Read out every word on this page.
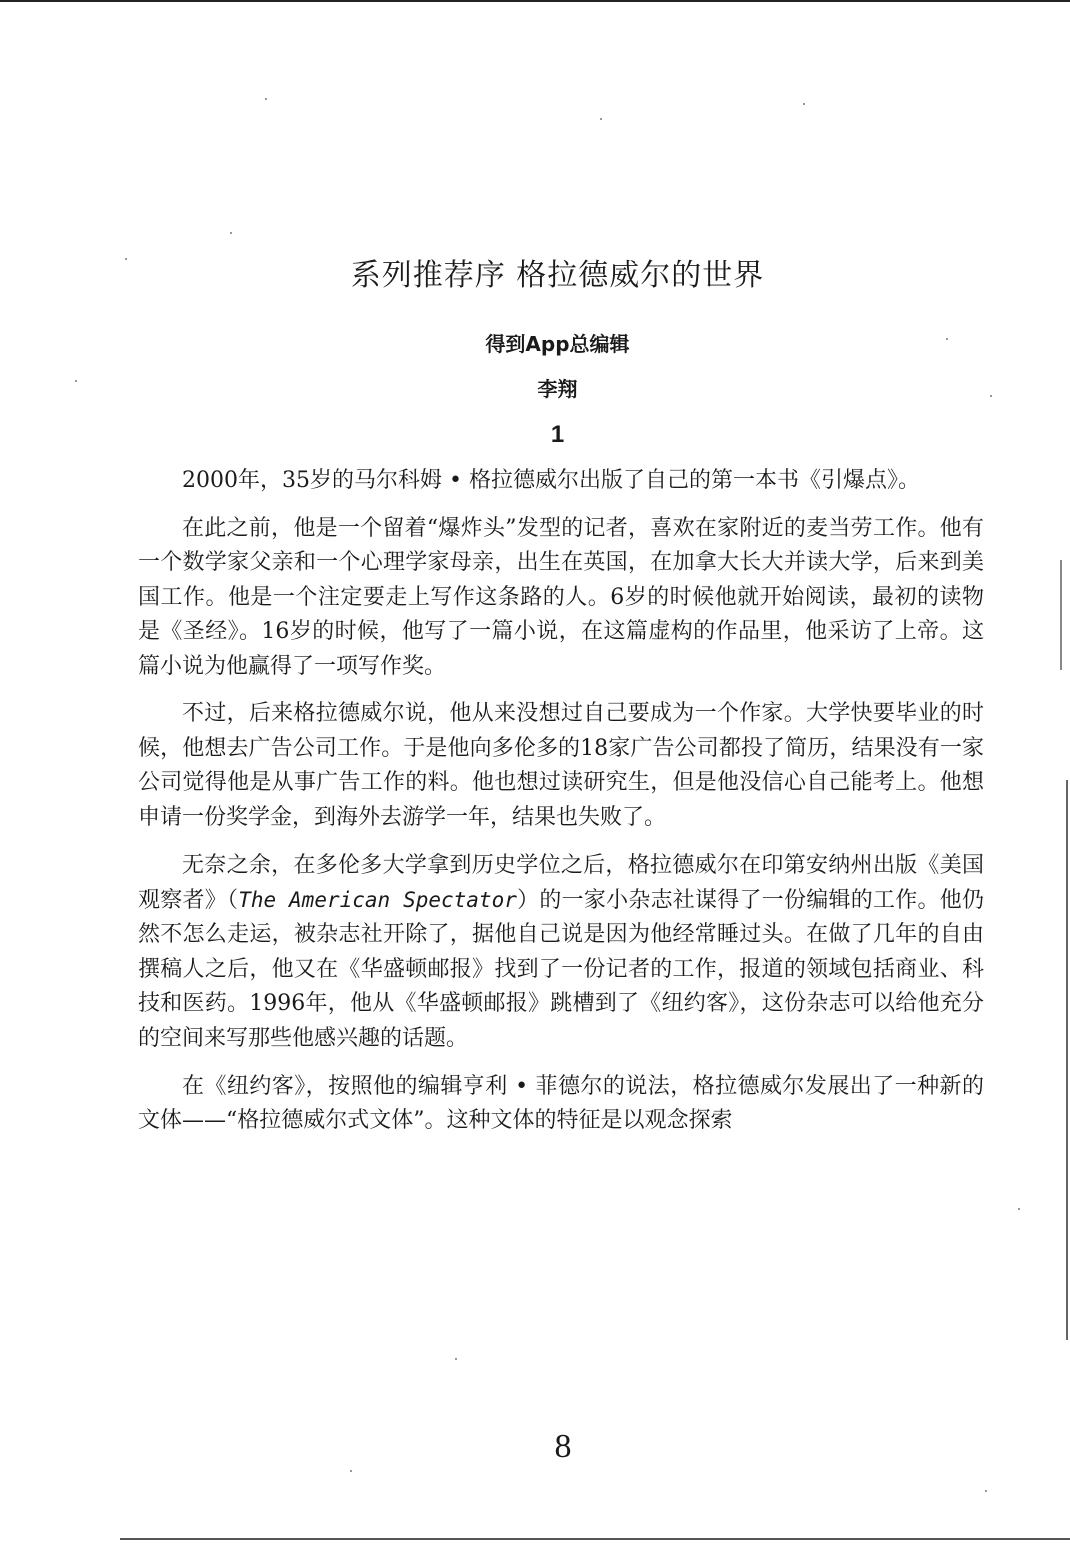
系列推荐序 格拉德威尔的世界
得到App总编辑
李翔
1

2000年，35岁的马尔科姆 • 格拉德威尔出版了自己的第一本书《引爆点》。

在此之前，他是一个留着“爆炸头”发型的记者，喜欢在家附近的麦当劳工作。他有一个数学家父亲和一个心理学家母亲，出生在英国，在加拿大长大并读大学，后来到美国工作。他是一个注定要走上写作这条路的人。6岁的时候他就开始阅读，最初的读物是《圣经》。16岁的时候，他写了一篇小说，在这篇虚构的作品里，他采访了上帝。这篇小说为他赢得了一项写作奖。

不过，后来格拉德威尔说，他从来没想过自己要成为一个作家。大学快要毕业的时候，他想去广告公司工作。于是他向多伦多的18家广告公司都投了简历，结果没有一家公司觉得他是从事广告工作的料。他也想过读研究生，但是他没信心自己能考上。他想申请一份奖学金，到海外去游学一年，结果也失败了。

无奈之余，在多伦多大学拿到历史学位之后，格拉德威尔在印第安纳州出版《美国观察者》（The American Spectator）的一家小杂志社谋得了一份编辑的工作。他仍然不怎么走运，被杂志社开除了，据他自己说是因为他经常睡过头。在做了几年的自由撰稿人之后，他又在《华盛顿邮报》找到了一份记者的工作，报道的领域包括商业、科技和医药。1996年，他从《华盛顿邮报》跳槽到了《纽约客》，这份杂志可以给他充分的空间来写那些他感兴趣的话题。

在《纽约客》，按照他的编辑亨利 • 菲德尔的说法，格拉德威尔发展出了一种新的文体——“格拉德威尔式文体”。这种文体的特征是以观念探索

8
